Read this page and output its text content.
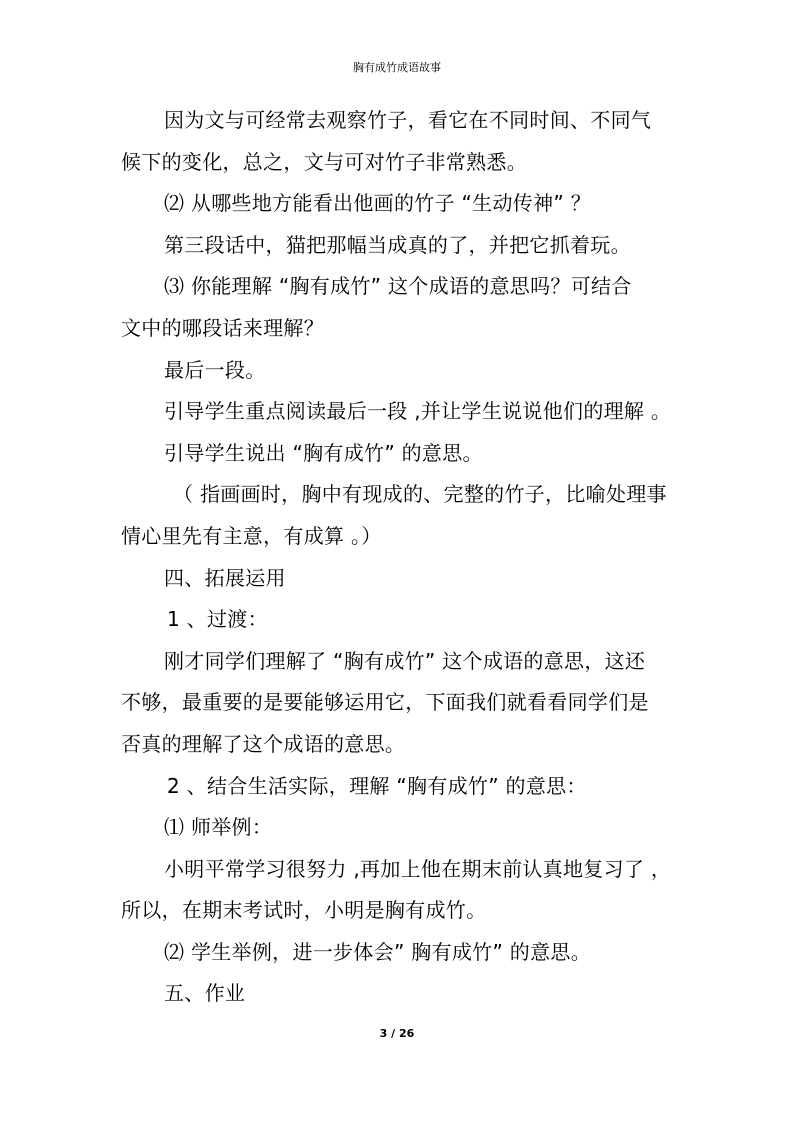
胸有成竹成语故事

因为文与可经常去观察竹子，看它在不同时间、不同气

候下的变化，总之，文与可对竹子非常熟悉。

⑵ 从哪些地方能看出他画的竹子 “生动传神” ？

第三段话中，猫把那幅当成真的了，并把它抓着玩。

⑶ 你能理解 “胸有成竹” 这个成语的意思吗？可结合

文中的哪段话来理解？

最后一段。

引导学生重点阅读最后一段 ,并让学生说说他们的理解 。

引导学生说出 “胸有成竹” 的意思。

（ 指画画时，胸中有现成的、完整的竹子，比喻处理事

情心里先有主意，有成算 。）

四、拓展运用

1 、过渡：

刚才同学们理解了 “胸有成竹” 这个成语的意思，这还

不够，最重要的是要能够运用它，下面我们就看看同学们是

否真的理解了这个成语的意思。

2 、结合生活实际，理解 “胸有成竹” 的意思：

⑴ 师举例：

小明平常学习很努力 ,再加上他在期末前认真地复习了 ，

所以，在期末考试时，小明是胸有成竹。

⑵ 学生举例，进一步体会” 胸有成竹” 的意思。

五、作业

3 / 26
